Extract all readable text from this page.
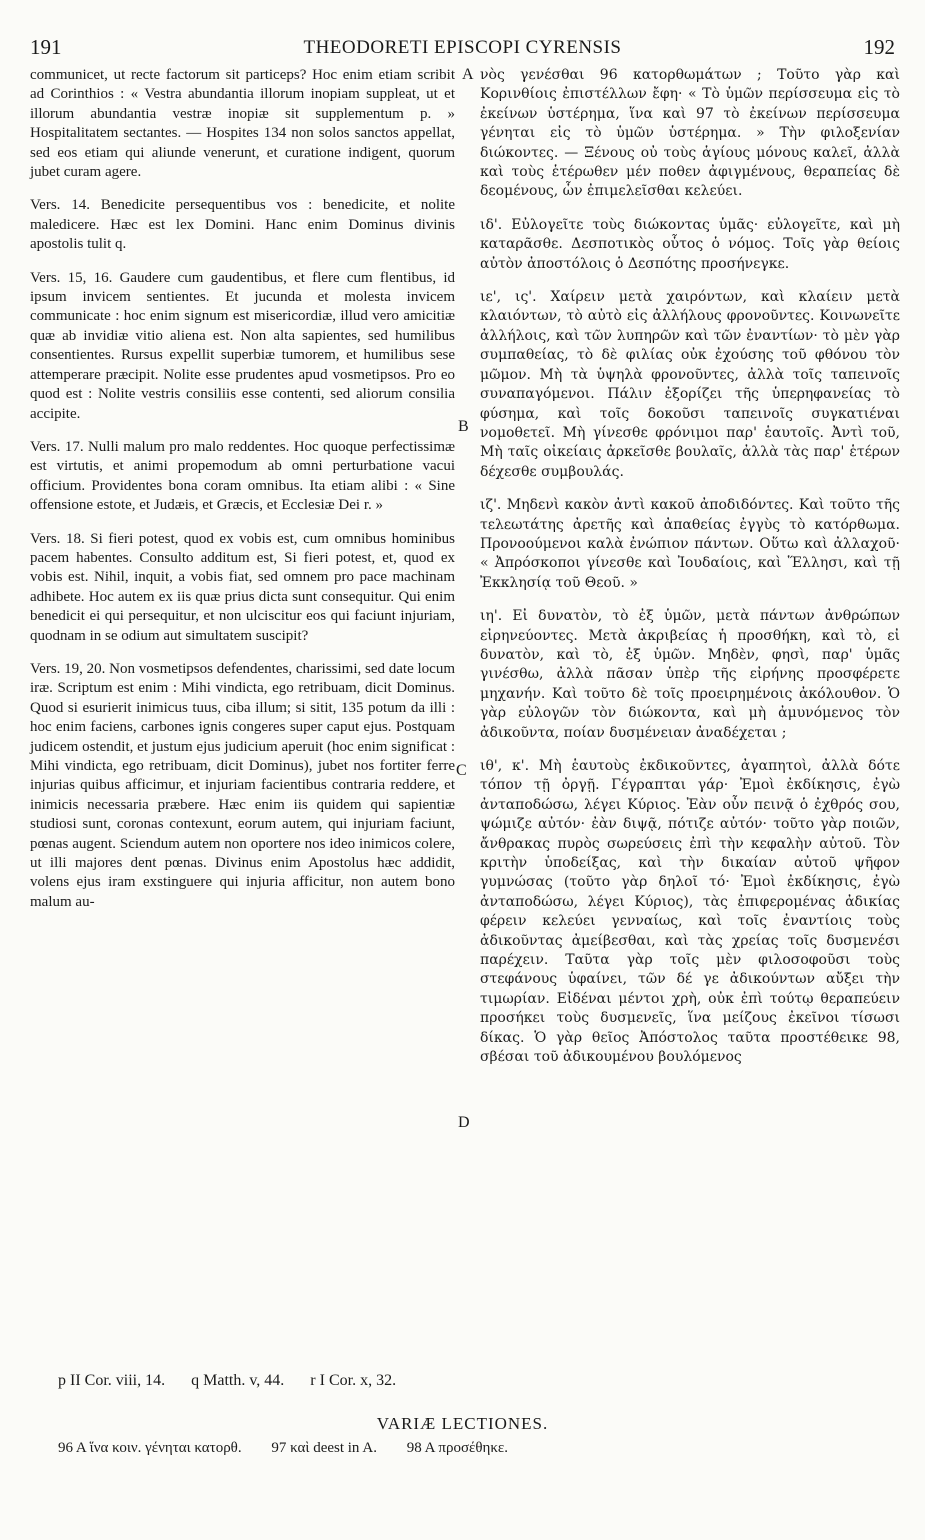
191	THEODORETI EPISCOPI CYRENSIS	192
A
B
C
D

communicet, ut recte factorum sit particeps? Hoc enim etiam scribit ad Corinthios : « Vestra abundantia illorum inopiam suppleat, ut et illorum abundantia vestræ inopiæ sit supplementum p. » Hospitalitatem sectantes. — Hospites 134 non solos sanctos appellat, sed eos etiam qui aliunde venerunt, et curatione indigent, quorum jubet curam agere.

Vers. 14. Benedicite persequentibus vos : benedicite, et nolite maledicere. Hæc est lex Domini. Hanc enim Dominus divinis apostolis tulit q.

Vers. 15, 16. Gaudere cum gaudentibus, et flere cum flentibus, id ipsum invicem sentientes. Et jucunda et molesta invicem communicate : hoc enim signum est misericordiæ, illud vero amicitiæ quæ ab invidiæ vitio aliena est. Non alta sapientes, sed humilibus consentientes. Rursus expellit superbiæ tumorem, et humilibus sese attemperare præcipit. Nolite esse prudentes apud vosmetipsos. Pro eo quod est : Nolite vestris consiliis esse contenti, sed aliorum consilia accipite.

Vers. 17. Nulli malum pro malo reddentes. Hoc quoque perfectissimæ est virtutis, et animi propemodum ab omni perturbatione vacui officium. Providentes bona coram omnibus. Ita etiam alibi : « Sine offensione estote, et Judæis, et Græcis, et Ecclesiæ Dei r. »

Vers. 18. Si fieri potest, quod ex vobis est, cum omnibus hominibus pacem habentes. Consulto additum est, Si fieri potest, et, quod ex vobis est. Nihil, inquit, a vobis fiat, sed omnem pro pace machinam adhibete. Hoc autem ex iis quæ prius dicta sunt consequitur. Qui enim benedicit ei qui persequitur, et non ulciscitur eos qui faciunt injuriam, quodnam in se odium aut simultatem suscipit?

Vers. 19, 20. Non vosmetipsos defendentes, charissimi, sed date locum iræ. Scriptum est enim : Mihi vindicta, ego retribuam, dicit Dominus. Quod si esurierit inimicus tuus, ciba illum; si sitit, 135 potum da illi : hoc enim faciens, carbones ignis congeres super caput ejus. Postquam judicem ostendit, et justum ejus judicium aperuit (hoc enim significat : Mihi vindicta, ego retribuam, dicit Dominus), jubet nos fortiter ferre injurias quibus afficimur, et injuriam facientibus contraria reddere, et inimicis necessaria præbere. Hæc enim iis quidem qui sapientiæ studiosi sunt, coronas contexunt, eorum autem, qui injuriam faciunt, pœnas augent. Sciendum autem non oportere nos ideo inimicos colere, ut illi majores dent pœnas. Divinus enim Apostolus hæc addidit, volens ejus iram exstinguere qui injuria afficitur, non autem bono malum au-

νὸς γενέσθαι 96 κατορθωμάτων ; Τοῦτο γὰρ καὶ Κορινθίοις ἐπιστέλλων ἔφη· « Τὸ ὑμῶν περίσσευμα εἰς τὸ ἐκείνων ὑστέρημα, ἵνα καὶ 97 τὸ ἐκείνων περίσσευμα γένηται εἰς τὸ ὑμῶν ὑστέρημα. » Τὴν φιλοξενίαν διώκοντες. — Ξένους οὐ τοὺς ἁγίους μόνους καλεῖ, ἀλλὰ καὶ τοὺς ἑτέρωθεν μέν ποθεν ἀφιγμένους, θεραπείας δὲ δεομένους, ὧν ἐπιμελεῖσθαι κελεύει.

ιδ'. Εὐλογεῖτε τοὺς διώκοντας ὑμᾶς· εὐλογεῖτε, καὶ μὴ καταρᾶσθε. Δεσποτικὸς οὗτος ὁ νόμος. Τοῖς γὰρ θείοις αὐτὸν ἀποστόλοις ὁ Δεσπότης προσήνεγκε.

ιε', ις'. Χαίρειν μετὰ χαιρόντων, καὶ κλαίειν μετὰ κλαιόντων, τὸ αὐτὸ εἰς ἀλλήλους φρονοῦντες. Κοινωνεῖτε ἀλλήλοις, καὶ τῶν λυπηρῶν καὶ τῶν ἐναντίων· τὸ μὲν γὰρ συμπαθείας, τὸ δὲ φιλίας οὐκ ἐχούσης τοῦ φθόνου τὸν μῶμον. Μὴ τὰ ὑψηλὰ φρονοῦντες, ἀλλὰ τοῖς ταπεινοῖς συναπαγόμενοι. Πάλιν ἐξορίζει τῆς ὑπερηφανείας τὸ φύσημα, καὶ τοῖς δοκοῦσι ταπεινοῖς συγκατιέναι νομοθετεῖ. Μὴ γίνεσθε φρόνιμοι παρ' ἑαυτοῖς. Ἀντὶ τοῦ, Μὴ ταῖς οἰκείαις ἀρκεῖσθε βουλαῖς, ἀλλὰ τὰς παρ' ἑτέρων δέχεσθε συμβουλάς.

ιζ'. Μηδενὶ κακὸν ἀντὶ κακοῦ ἀποδιδόντες. Καὶ τοῦτο τῆς τελεωτάτης ἀρετῆς καὶ ἀπαθείας ἐγγὺς τὸ κατόρθωμα. Προνοούμενοι καλὰ ἐνώπιον πάντων. Οὕτω καὶ ἀλλαχοῦ· « Ἀπρόσκοποι γίνεσθε καὶ Ἰουδαίοις, καὶ Ἕλλησι, καὶ τῇ Ἐκκλησίᾳ τοῦ Θεοῦ. »

ιη'. Εἰ δυνατὸν, τὸ ἐξ ὑμῶν, μετὰ πάντων ἀνθρώπων εἰρηνεύοντες. Μετὰ ἀκριβείας ἡ προσθήκη, καὶ τὸ, εἰ δυνατὸν, καὶ τὸ, ἐξ ὑμῶν. Μηδὲν, φησὶ, παρ' ὑμᾶς γινέσθω, ἀλλὰ πᾶσαν ὑπὲρ τῆς εἰρήνης προσφέρετε μηχανήν. Καὶ τοῦτο δὲ τοῖς προειρημένοις ἀκόλουθον. Ὁ γὰρ εὐλογῶν τὸν διώκοντα, καὶ μὴ ἀμυνόμενος τὸν ἀδικοῦντα, ποίαν δυσμένειαν ἀναδέχεται ;

ιθ', κ'. Μὴ ἑαυτοὺς ἐκδικοῦντες, ἀγαπητοὶ, ἀλλὰ δότε τόπον τῇ ὀργῇ. Γέγραπται γάρ· Ἐμοὶ ἐκδίκησις, ἐγὼ ἀνταποδώσω, λέγει Κύριος. Ἐὰν οὖν πεινᾷ ὁ ἐχθρός σου, ψώμιζε αὐτόν· ἐὰν διψᾷ, πότιζε αὐτόν· τοῦτο γὰρ ποιῶν, ἄνθρακας πυρὸς σωρεύσεις ἐπὶ τὴν κεφαλὴν αὐτοῦ. Τὸν κριτὴν ὑποδείξας, καὶ τὴν δικαίαν αὐτοῦ ψῆφον γυμνώσας (τοῦτο γὰρ δηλοῖ τό· Ἐμοὶ ἐκδίκησις, ἐγὼ ἀνταποδώσω, λέγει Κύριος), τὰς ἐπιφερομένας ἀδικίας φέρειν κελεύει γενναίως, καὶ τοῖς ἐναντίοις τοὺς ἀδικοῦντας ἀμείβεσθαι, καὶ τὰς χρείας τοῖς δυσμενέσι παρέχειν. Ταῦτα γὰρ τοῖς μὲν φιλοσοφοῦσι τοὺς στεφάνους ὑφαίνει, τῶν δέ γε ἀδικούντων αὔξει τὴν τιμωρίαν. Εἰδέναι μέντοι χρὴ, οὐκ ἐπὶ τούτῳ θεραπεύειν προσήκει τοὺς δυσμενεῖς, ἵνα μείζους ἐκεῖνοι τίσωσι δίκας. Ὁ γὰρ θεῖος Ἀπόστολος ταῦτα προστέθεικε 98, σβέσαι τοῦ ἀδικουμένου βουλόμενος

p II Cor. viii, 14. q Matth. v, 44. r I Cor. x, 32.
VARIÆ LECTIONES.
96 A ἵνα κοιν. γένηται κατορθ. 97 καὶ deest in A. 98 A προσέθηκε.
